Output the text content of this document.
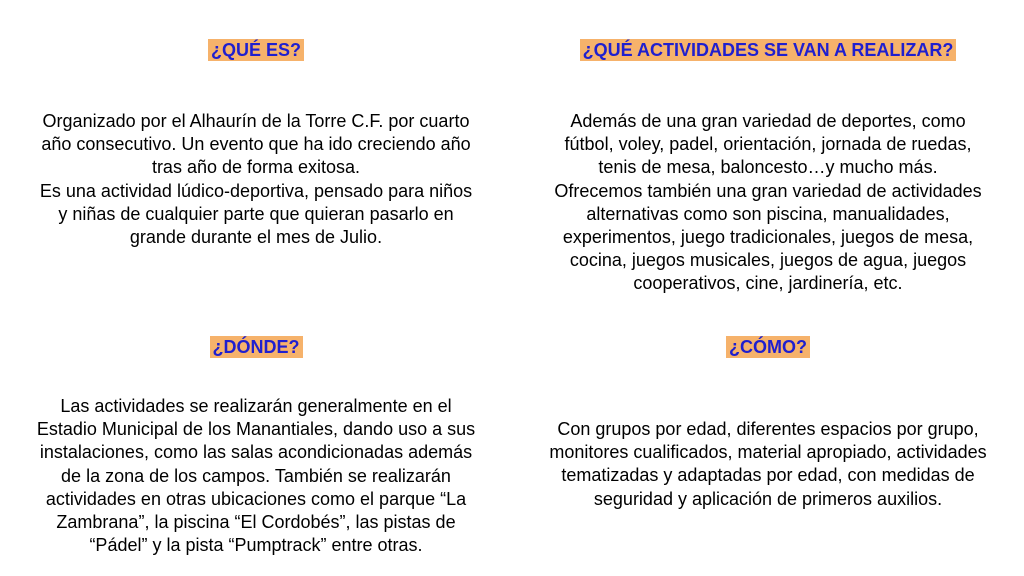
¿QUÉ ES?
Organizado por el Alhaurín de la Torre C.F. por cuarto
año consecutivo. Un evento que ha ido creciendo año
tras año de forma exitosa.
Es una actividad lúdico-deportiva, pensado para niños
y niñas de cualquier parte que quieran pasarlo en
grande durante el mes de Julio.
¿QUÉ ACTIVIDADES SE VAN A REALIZAR?
Además de una gran variedad de deportes, como
fútbol, voley, padel, orientación, jornada de ruedas,
tenis de mesa, baloncesto…y mucho más.
Ofrecemos también una gran variedad de actividades
alternativas como son piscina, manualidades,
experimentos, juego tradicionales, juegos de mesa,
cocina, juegos musicales, juegos de agua, juegos
cooperativos, cine, jardinería, etc.
¿DÓNDE?
Las actividades se realizarán generalmente en el
Estadio Municipal de los Manantiales, dando uso a sus
instalaciones, como las salas acondicionadas además
de la zona de los campos. También se realizarán
actividades en otras ubicaciones como el parque “La
Zambrana”, la piscina “El Cordobés”, las pistas de
“Pádel” y la pista “Pumptrack” entre otras.
¿CÓMO?
Con grupos por edad, diferentes espacios por grupo,
monitores cualificados, material apropiado, actividades
tematizadas y adaptadas por edad, con medidas de
seguridad y aplicación de primeros auxilios.
